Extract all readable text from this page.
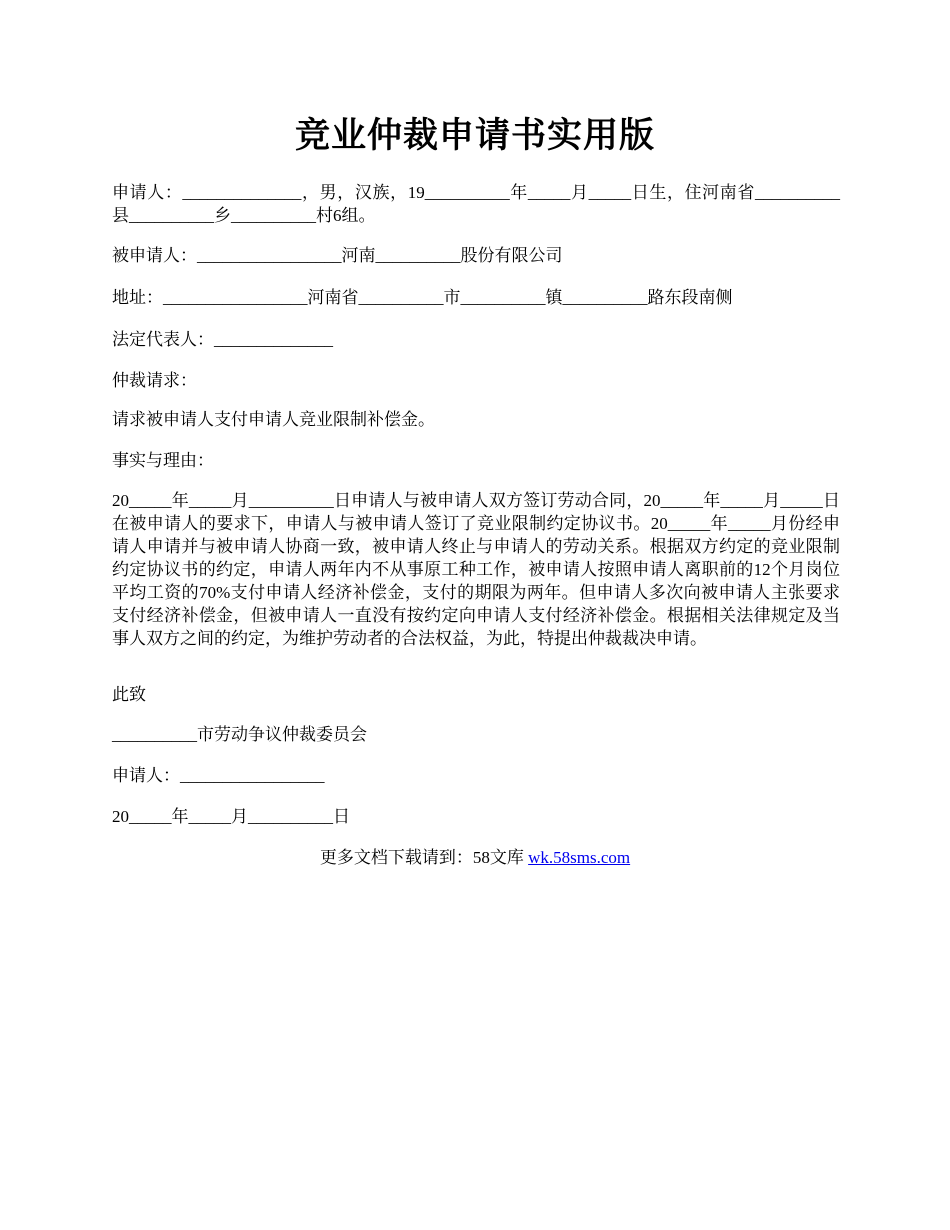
竞业仲裁申请书实用版

申请人：______________，男，汉族，19__________年_____月_____日生，住河南省__________县__________乡__________村6组。

被申请人：_________________河南__________股份有限公司

地址：_________________河南省__________市__________镇__________路东段南侧

法定代表人：______________

仲裁请求：

请求被申请人支付申请人竞业限制补偿金。

事实与理由：

20_____年_____月__________日申请人与被申请人双方签订劳动合同，20_____年_____月_____日在被申请人的要求下，申请人与被申请人签订了竞业限制约定协议书。20_____年_____月份经申请人申请并与被申请人协商一致，被申请人终止与申请人的劳动关系。根据双方约定的竞业限制约定协议书的约定，申请人两年内不从事原工种工作，被申请人按照申请人离职前的12个月岗位平均工资的70%支付申请人经济补偿金，支付的期限为两年。但申请人多次向被申请人主张要求支付经济补偿金，但被申请人一直没有按约定向申请人支付经济补偿金。根据相关法律规定及当事人双方之间的约定，为维护劳动者的合法权益，为此，特提出仲裁裁决申请。

此致

__________市劳动争议仲裁委员会

申请人：_________________

20_____年_____月__________日

更多文档下载请到：58文库 wk.58sms.com
